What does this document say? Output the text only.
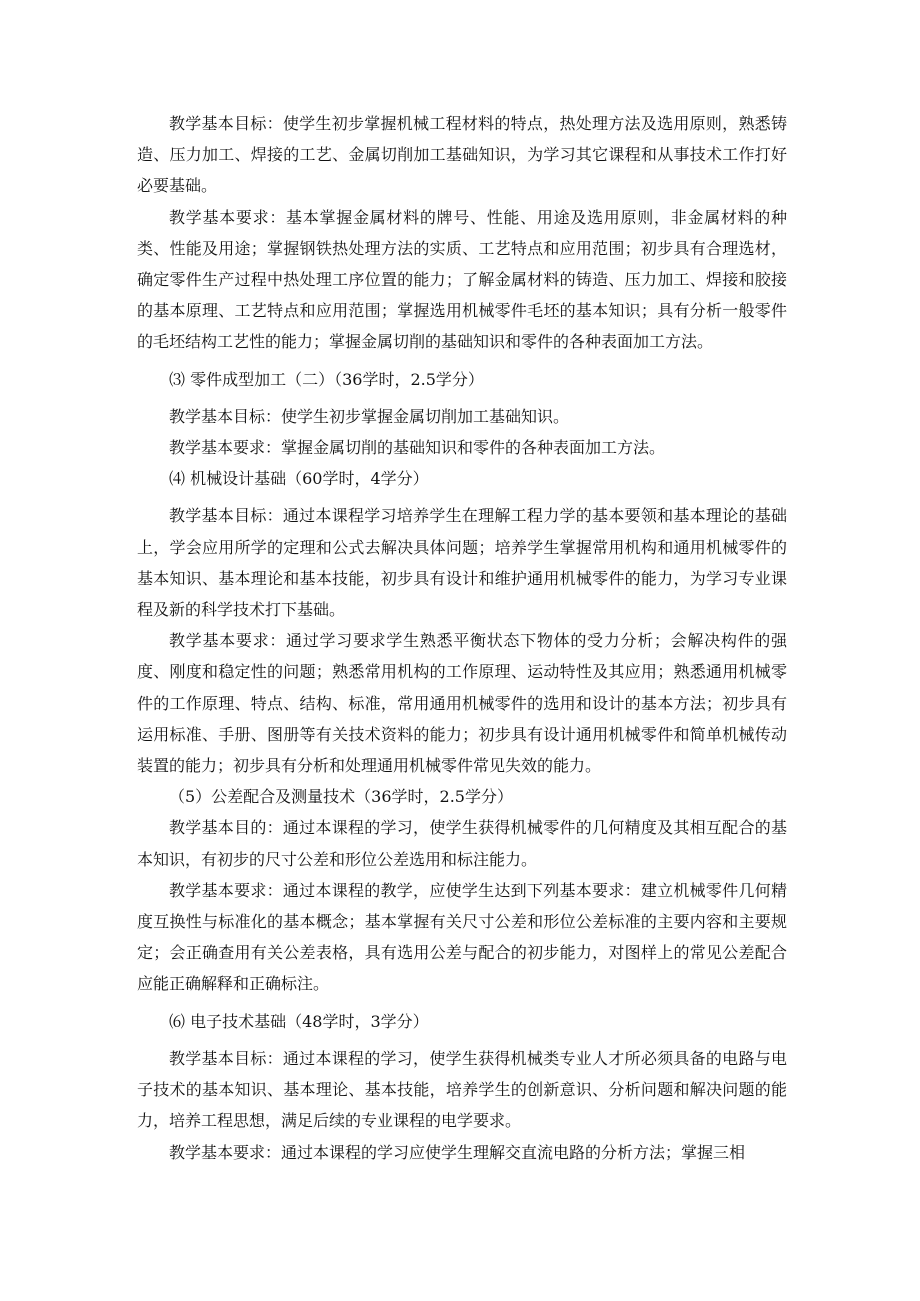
教学基本目标：使学生初步掌握机械工程材料的特点，热处理方法及选用原则，熟悉铸造、压力加工、焊接的工艺、金属切削加工基础知识，为学习其它课程和从事技术工作打好必要基础。

教学基本要求：基本掌握金属材料的牌号、性能、用途及选用原则，非金属材料的种类、性能及用途；掌握钢铁热处理方法的实质、工艺特点和应用范围；初步具有合理选材，确定零件生产过程中热处理工序位置的能力；了解金属材料的铸造、压力加工、焊接和胶接的基本原理、工艺特点和应用范围；掌握选用机械零件毛坯的基本知识；具有分析一般零件的毛坯结构工艺性的能力；掌握金属切削的基础知识和零件的各种表面加工方法。

⑶ 零件成型加工（二）（36学时，2.5学分）

教学基本目标：使学生初步掌握金属切削加工基础知识。

教学基本要求：掌握金属切削的基础知识和零件的各种表面加工方法。

⑷ 机械设计基础（60学时，4学分）

教学基本目标：通过本课程学习培养学生在理解工程力学的基本要领和基本理论的基础上，学会应用所学的定理和公式去解决具体问题；培养学生掌握常用机构和通用机械零件的基本知识、基本理论和基本技能，初步具有设计和维护通用机械零件的能力，为学习专业课程及新的科学技术打下基础。

教学基本要求：通过学习要求学生熟悉平衡状态下物体的受力分析；会解决构件的强度、刚度和稳定性的问题；熟悉常用机构的工作原理、运动特性及其应用；熟悉通用机械零件的工作原理、特点、结构、标准，常用通用机械零件的选用和设计的基本方法；初步具有运用标准、手册、图册等有关技术资料的能力；初步具有设计通用机械零件和简单机械传动装置的能力；初步具有分析和处理通用机械零件常见失效的能力。

（5）公差配合及测量技术（36学时，2.5学分）

教学基本目的：通过本课程的学习，使学生获得机械零件的几何精度及其相互配合的基本知识，有初步的尺寸公差和形位公差选用和标注能力。

教学基本要求：通过本课程的教学，应使学生达到下列基本要求：建立机械零件几何精度互换性与标准化的基本概念；基本掌握有关尺寸公差和形位公差标准的主要内容和主要规定；会正确查用有关公差表格，具有选用公差与配合的初步能力，对图样上的常见公差配合应能正确解释和正确标注。

⑹ 电子技术基础（48学时，3学分）

教学基本目标：通过本课程的学习，使学生获得机械类专业人才所必须具备的电路与电子技术的基本知识、基本理论、基本技能，培养学生的创新意识、分析问题和解决问题的能力，培养工程思想，满足后续的专业课程的电学要求。

教学基本要求：通过本课程的学习应使学生理解交直流电路的分析方法；掌握三相
